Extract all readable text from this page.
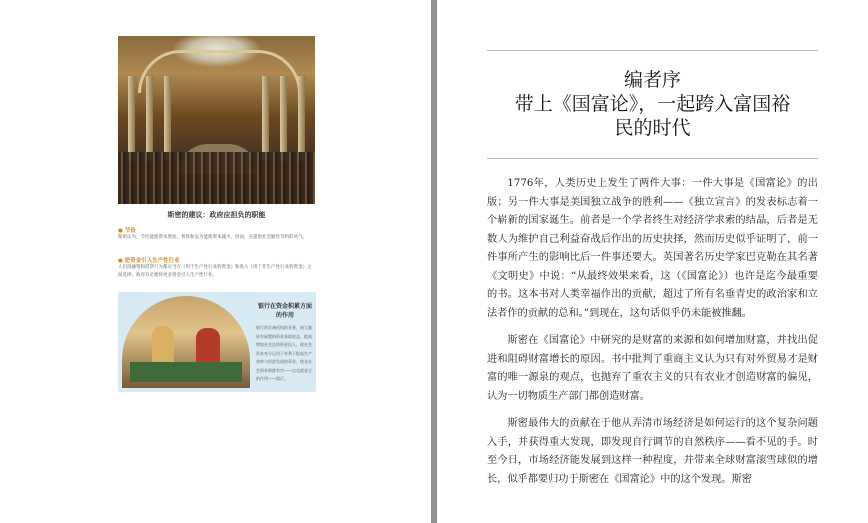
斯密的建议：政府应担负的职能
● 节俭
斯密认为，节俭能使资本增加，奢侈和妄为能使资本减少。因而，应提倡社会勤俭节约的风气。
● 把资金引入生产性行业
人们投融资和借贷行为都应当在《用于生产性行业的资金》和进入《用于非生产性行业的资金》之间选择，政府有必要将更多资金引入生产性行业。
银行在资金积累方面的作用
银行的存备机构的业务，使大量原有闲置的资本获取收益，提高增加社会总体资金投入，使社会资本充分运用于有利于提高生产效率与经济发展的事业，使各社会资本和睦有序——这也就是它的作用——银行。
编者序
带上《国富论》，一起跨入富国裕
民的时代

1776年，人类历史上发生了两件大事：一件大事是《国富论》的出版；另一件大事是美国独立战争的胜利——《独立宣言》的发表标志着一个崭新的国家诞生。前者是一个学者终生对经济学求索的结晶，后者是无数人为维护自己利益奋战后作出的历史抉择，然而历史似乎证明了，前一件事所产生的影响比后一件事还要大。英国著名历史学家巴克勒在其名著《文明史》中说：“从最终效果来看，这（《国富论》）也许是迄今最重要的书。这本书对人类幸福作出的贡献，超过了所有名垂青史的政治家和立法者作的贡献的总和。”到现在，这句话似乎仍未能被推翻。

斯密在《国富论》中研究的是财富的来源和如何增加财富，并找出促进和阻碍财富增长的原因。书中批判了重商主义认为只有对外贸易才是财富的唯一源泉的观点，也抛弃了重农主义的只有农业才创造财富的偏见，认为一切物质生产部门都创造财富。

斯密最伟大的贡献在于他从弄清市场经济是如何运行的这个复杂问题入手，并获得重大发现，即发现自行调节的自然秩序——看不见的手。时至今日，市场经济能发展到这样一种程度，并带来全球财富滚雪球似的增长，似乎都要归功于斯密在《国富论》中的这个发现。斯密
